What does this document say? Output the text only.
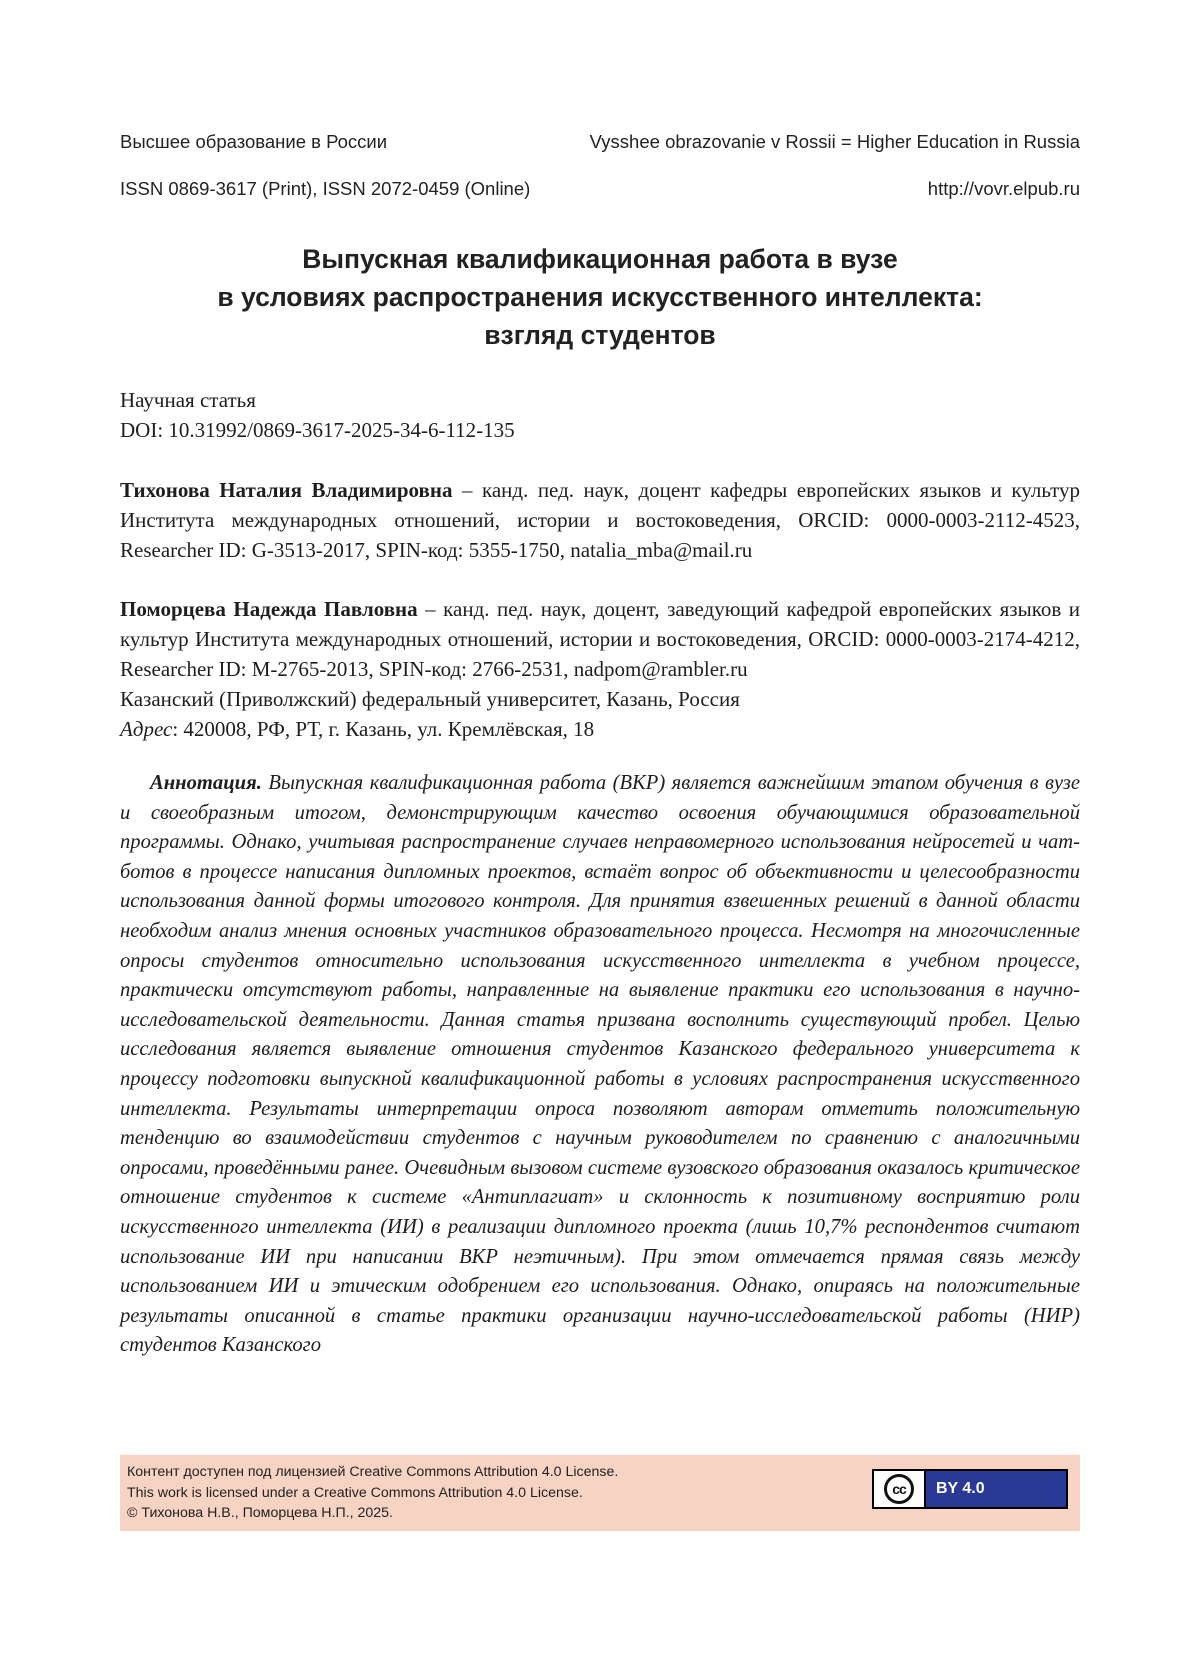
Высшее образование в России	Vysshee obrazovanie v Rossii = Higher Education in Russia
ISSN 0869-3617 (Print), ISSN 2072-0459 (Online)	http://vovr.elpub.ru
Выпускная квалификационная работа в вузе
в условиях распространения искусственного интеллекта:
взгляд студентов
Научная статья
DOI: 10.31992/0869-3617-2025-34-6-112-135
Тихонова Наталия Владимировна – канд. пед. наук, доцент кафедры европейских языков и культур Института международных отношений, истории и востоковедения, ORCID: 0000-0003-2112-4523, Researcher ID: G-3513-2017, SPIN-код: 5355-1750, natalia_mba@mail.ru
Поморцева Надежда Павловна – канд. пед. наук, доцент, заведующий кафедрой европейских языков и культур Института международных отношений, истории и востоковедения, ORCID: 0000-0003-2174-4212, Researcher ID: M-2765-2013, SPIN-код: 2766-2531, nadpom@rambler.ru
Казанский (Приволжский) федеральный университет, Казань, Россия
Адрес: 420008, РФ, РТ, г. Казань, ул. Кремлёвская, 18
Аннотация. Выпускная квалификационная работа (ВКР) является важнейшим этапом обучения в вузе и своеобразным итогом, демонстрирующим качество освоения обучающимися образовательной программы. Однако, учитывая распространение случаев неправомерного использования нейросетей и чат-ботов в процессе написания дипломных проектов, встаёт вопрос об объективности и целесообразности использования данной формы итогового контроля. Для принятия взвешенных решений в данной области необходим анализ мнения основных участников образовательного процесса. Несмотря на многочисленные опросы студентов относительно использования искусственного интеллекта в учебном процессе, практически отсутствуют работы, направленные на выявление практики его использования в научно-исследовательской деятельности. Данная статья призвана восполнить существующий пробел. Целью исследования является выявление отношения студентов Казанского федерального университета к процессу подготовки выпускной квалификационной работы в условиях распространения искусственного интеллекта. Результаты интерпретации опроса позволяют авторам отметить положительную тенденцию во взаимодействии студентов с научным руководителем по сравнению с аналогичными опросами, проведёнными ранее. Очевидным вызовом системе вузовского образования оказалось критическое отношение студентов к системе «Антиплагиат» и склонность к позитивному восприятию роли искусственного интеллекта (ИИ) в реализации дипломного проекта (лишь 10,7% респондентов считают использование ИИ при написании ВКР неэтичным). При этом отмечается прямая связь между использованием ИИ и этическим одобрением его использования. Однако, опираясь на положительные результаты описанной в статье практики организации научно-исследовательской работы (НИР) студентов Казанского
Контент доступен под лицензией Creative Commons Attribution 4.0 License.
This work is licensed under a Creative Commons Attribution 4.0 License.
© Тихонова Н.В., Поморцева Н.П., 2025.
cc	BY 4.0
